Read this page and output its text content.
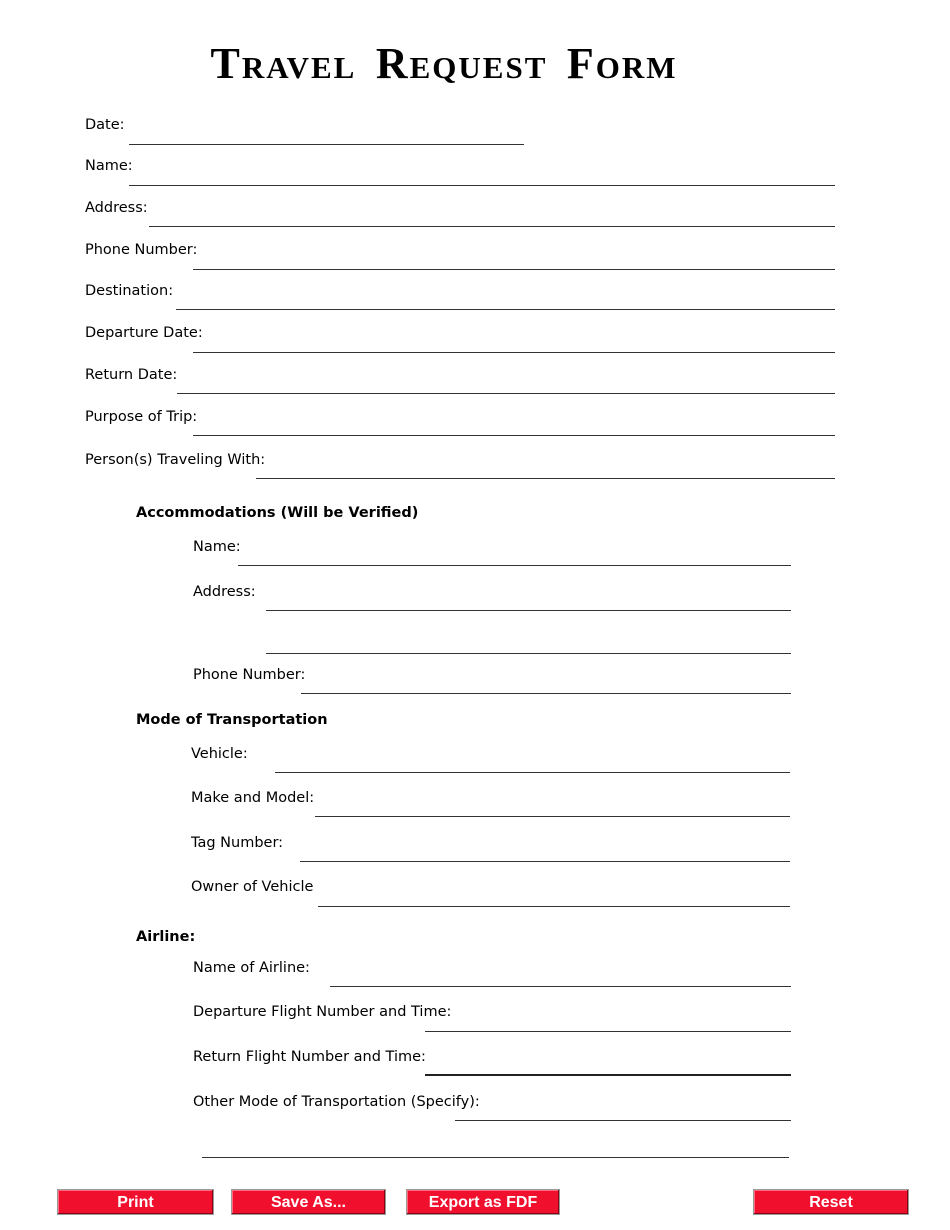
Travel Request Form
Date:
Name:
Address:
Phone Number:
Destination:
Departure Date:
Return Date:
Purpose of Trip:
Person(s) Traveling With:
Accommodations (Will be Verified)
Name:
Address:
Phone Number:
Mode of Transportation
Vehicle:
Make and Model:
Tag Number:
Owner of Vehicle
Airline:
Name of Airline:
Departure Flight Number and Time:
Return Flight Number and Time:
Other Mode of Transportation (Specify):
Print	Save As...	Export as FDF	Reset
